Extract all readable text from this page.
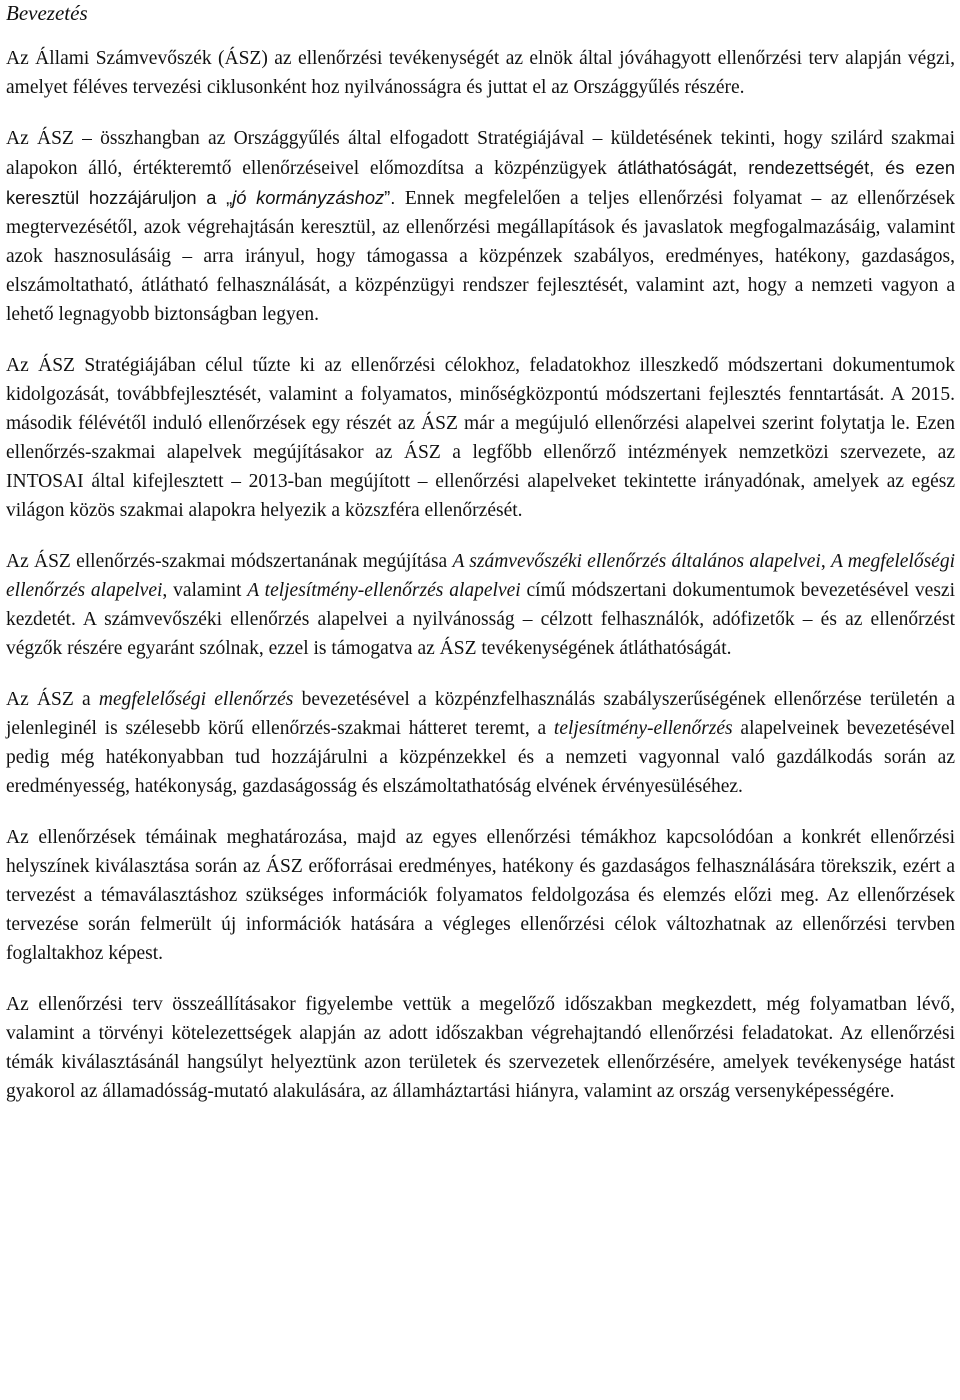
Bevezetés

Az Állami Számvevőszék (ÁSZ) az ellenőrzési tevékenységét az elnök által jóváhagyott ellenőrzési terv alapján végzi, amelyet féléves tervezési ciklusonként hoz nyilvánosságra és juttat el az Országgyűlés részére.

Az ÁSZ – összhangban az Országgyűlés által elfogadott Stratégiájával – küldetésének tekinti, hogy szilárd szakmai alapokon álló, értékteremtő ellenőrzéseivel előmozdítsa a közpénzügyek átláthatóságát, rendezettségét, és ezen keresztül hozzájáruljon a „jó kormányzáshoz”. Ennek megfelelően a teljes ellenőrzési folyamat – az ellenőrzések megtervezésétől, azok végrehajtásán keresztül, az ellenőrzési megállapítások és javaslatok megfogalmazásáig, valamint azok hasznosulásáig – arra irányul, hogy támogassa a közpénzek szabályos, eredményes, hatékony, gazdaságos, elszámoltatható, átlátható felhasználását, a közpénzügyi rendszer fejlesztését, valamint azt, hogy a nemzeti vagyon a lehető legnagyobb biztonságban legyen.

Az ÁSZ Stratégiájában célul tűzte ki az ellenőrzési célokhoz, feladatokhoz illeszkedő módszertani dokumentumok kidolgozását, továbbfejlesztését, valamint a folyamatos, minőségközpontú módszertani fejlesztés fenntartását. A 2015. második félévétől induló ellenőrzések egy részét az ÁSZ már a megújuló ellenőrzési alapelvei szerint folytatja le. Ezen ellenőrzés-szakmai alapelvek megújításakor az ÁSZ a legfőbb ellenőrző intézmények nemzetközi szervezete, az INTOSAI által kifejlesztett – 2013-ban megújított – ellenőrzési alapelveket tekintette irányadónak, amelyek az egész világon közös szakmai alapokra helyezik a közszféra ellenőrzését.

Az ÁSZ ellenőrzés-szakmai módszertanának megújítása A számvevőszéki ellenőrzés általános alapelvei, A megfelelőségi ellenőrzés alapelvei, valamint A teljesítmény-ellenőrzés alapelvei című módszertani dokumentumok bevezetésével veszi kezdetét. A számvevőszéki ellenőrzés alapelvei a nyilvánosság – célzott felhasználók, adófizetők – és az ellenőrzést végzők részére egyaránt szólnak, ezzel is támogatva az ÁSZ tevékenységének átláthatóságát.

Az ÁSZ a megfelelőségi ellenőrzés bevezetésével a közpénzfelhasználás szabályszerűségének ellenőrzése területén a jelenleginél is szélesebb körű ellenőrzés-szakmai hátteret teremt, a teljesítmény-ellenőrzés alapelveinek bevezetésével pedig még hatékonyabban tud hozzájárulni a közpénzekkel és a nemzeti vagyonnal való gazdálkodás során az eredményesség, hatékonyság, gazdaságosság és elszámoltathatóság elvének érvényesüléséhez.

Az ellenőrzések témáinak meghatározása, majd az egyes ellenőrzési témákhoz kapcsolódóan a konkrét ellenőrzési helyszínek kiválasztása során az ÁSZ erőforrásai eredményes, hatékony és gazdaságos felhasználására törekszik, ezért a tervezést a témaválasztáshoz szükséges információk folyamatos feldolgozása és elemzés előzi meg. Az ellenőrzések tervezése során felmerült új információk hatására a végleges ellenőrzési célok változhatnak az ellenőrzési tervben foglaltakhoz képest.

Az ellenőrzési terv összeállításakor figyelembe vettük a megelőző időszakban megkezdett, még folyamatban lévő, valamint a törvényi kötelezettségek alapján az adott időszakban végrehajtandó ellenőrzési feladatokat. Az ellenőrzési témák kiválasztásánál hangsúlyt helyeztünk azon területek és szervezetek ellenőrzésére, amelyek tevékenysége hatást gyakorol az államadósság-mutató alakulására, az államháztartási hiányra, valamint az ország versenyképességére.
